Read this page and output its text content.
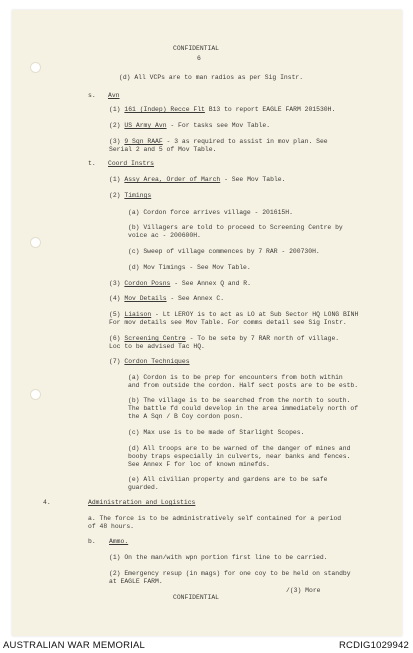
CONFIDENTIAL
6
(d) All VCPs are to man radios as per Sig Instr.
s. Avn
(1) 161 (Indep) Recce Flt B13 to report EAGLE FARM 201530H.
(2) US Army Avn - For tasks see Mov Table.
(3) 9 Sqn RAAF - 3 as required to assist in mov plan. See
Serial 2 and 5 of Mov Table.
t. Coord Instrs
(1) Assy Area, Order of March - See Mov Table.
(2) Timings
(a) Cordon force arrives village - 201615H.
(b) Villagers are told to proceed to Screening Centre by
voice ac - 200600H.
(c) Sweep of village commences by 7 RAR - 200730H.
(d) Mov Timings - See Mov Table.
(3) Cordon Posns - See Annex Q and R.
(4) Mov Details - See Annex C.
(5) Liaison - Lt LEROY is to act as LO at Sub Sector HQ LONG BINH
For mov details see Mov Table. For comms detail see Sig Instr.
(6) Screening Centre - To be sete by 7 RAR north of village.
Loc to be advised Tac HQ.
(7) Cordon Techniques
(a) Cordon is to be prep for encounters from both within
and from outside the cordon. Half sect posts are to be estb.
(b) The village is to be searched from the north to south.
The battle fd could develop in the area immediately north of
the A Sqn / B Coy cordon posn.
(c) Max use is to be made of Starlight Scopes.
(d) All troops are to be warned of the danger of mines and
booby traps especially in culverts, near banks and fences.
See Annex F for loc of known minefds.
(e) All civilian property and gardens are to be safe
guarded.
4.	Administration and Logistics
a. The force is to be administratively self contained for a period
of 48 hours.
b. Ammo.
(1) On the man/with wpn portion first line to be carried.
(2) Emergency resup (in mags) for one coy to be held on standby
at EAGLE FARM.
/(3) More
CONFIDENTIAL
AUSTRALIAN WAR MEMORIAL	RCDIG1029942
